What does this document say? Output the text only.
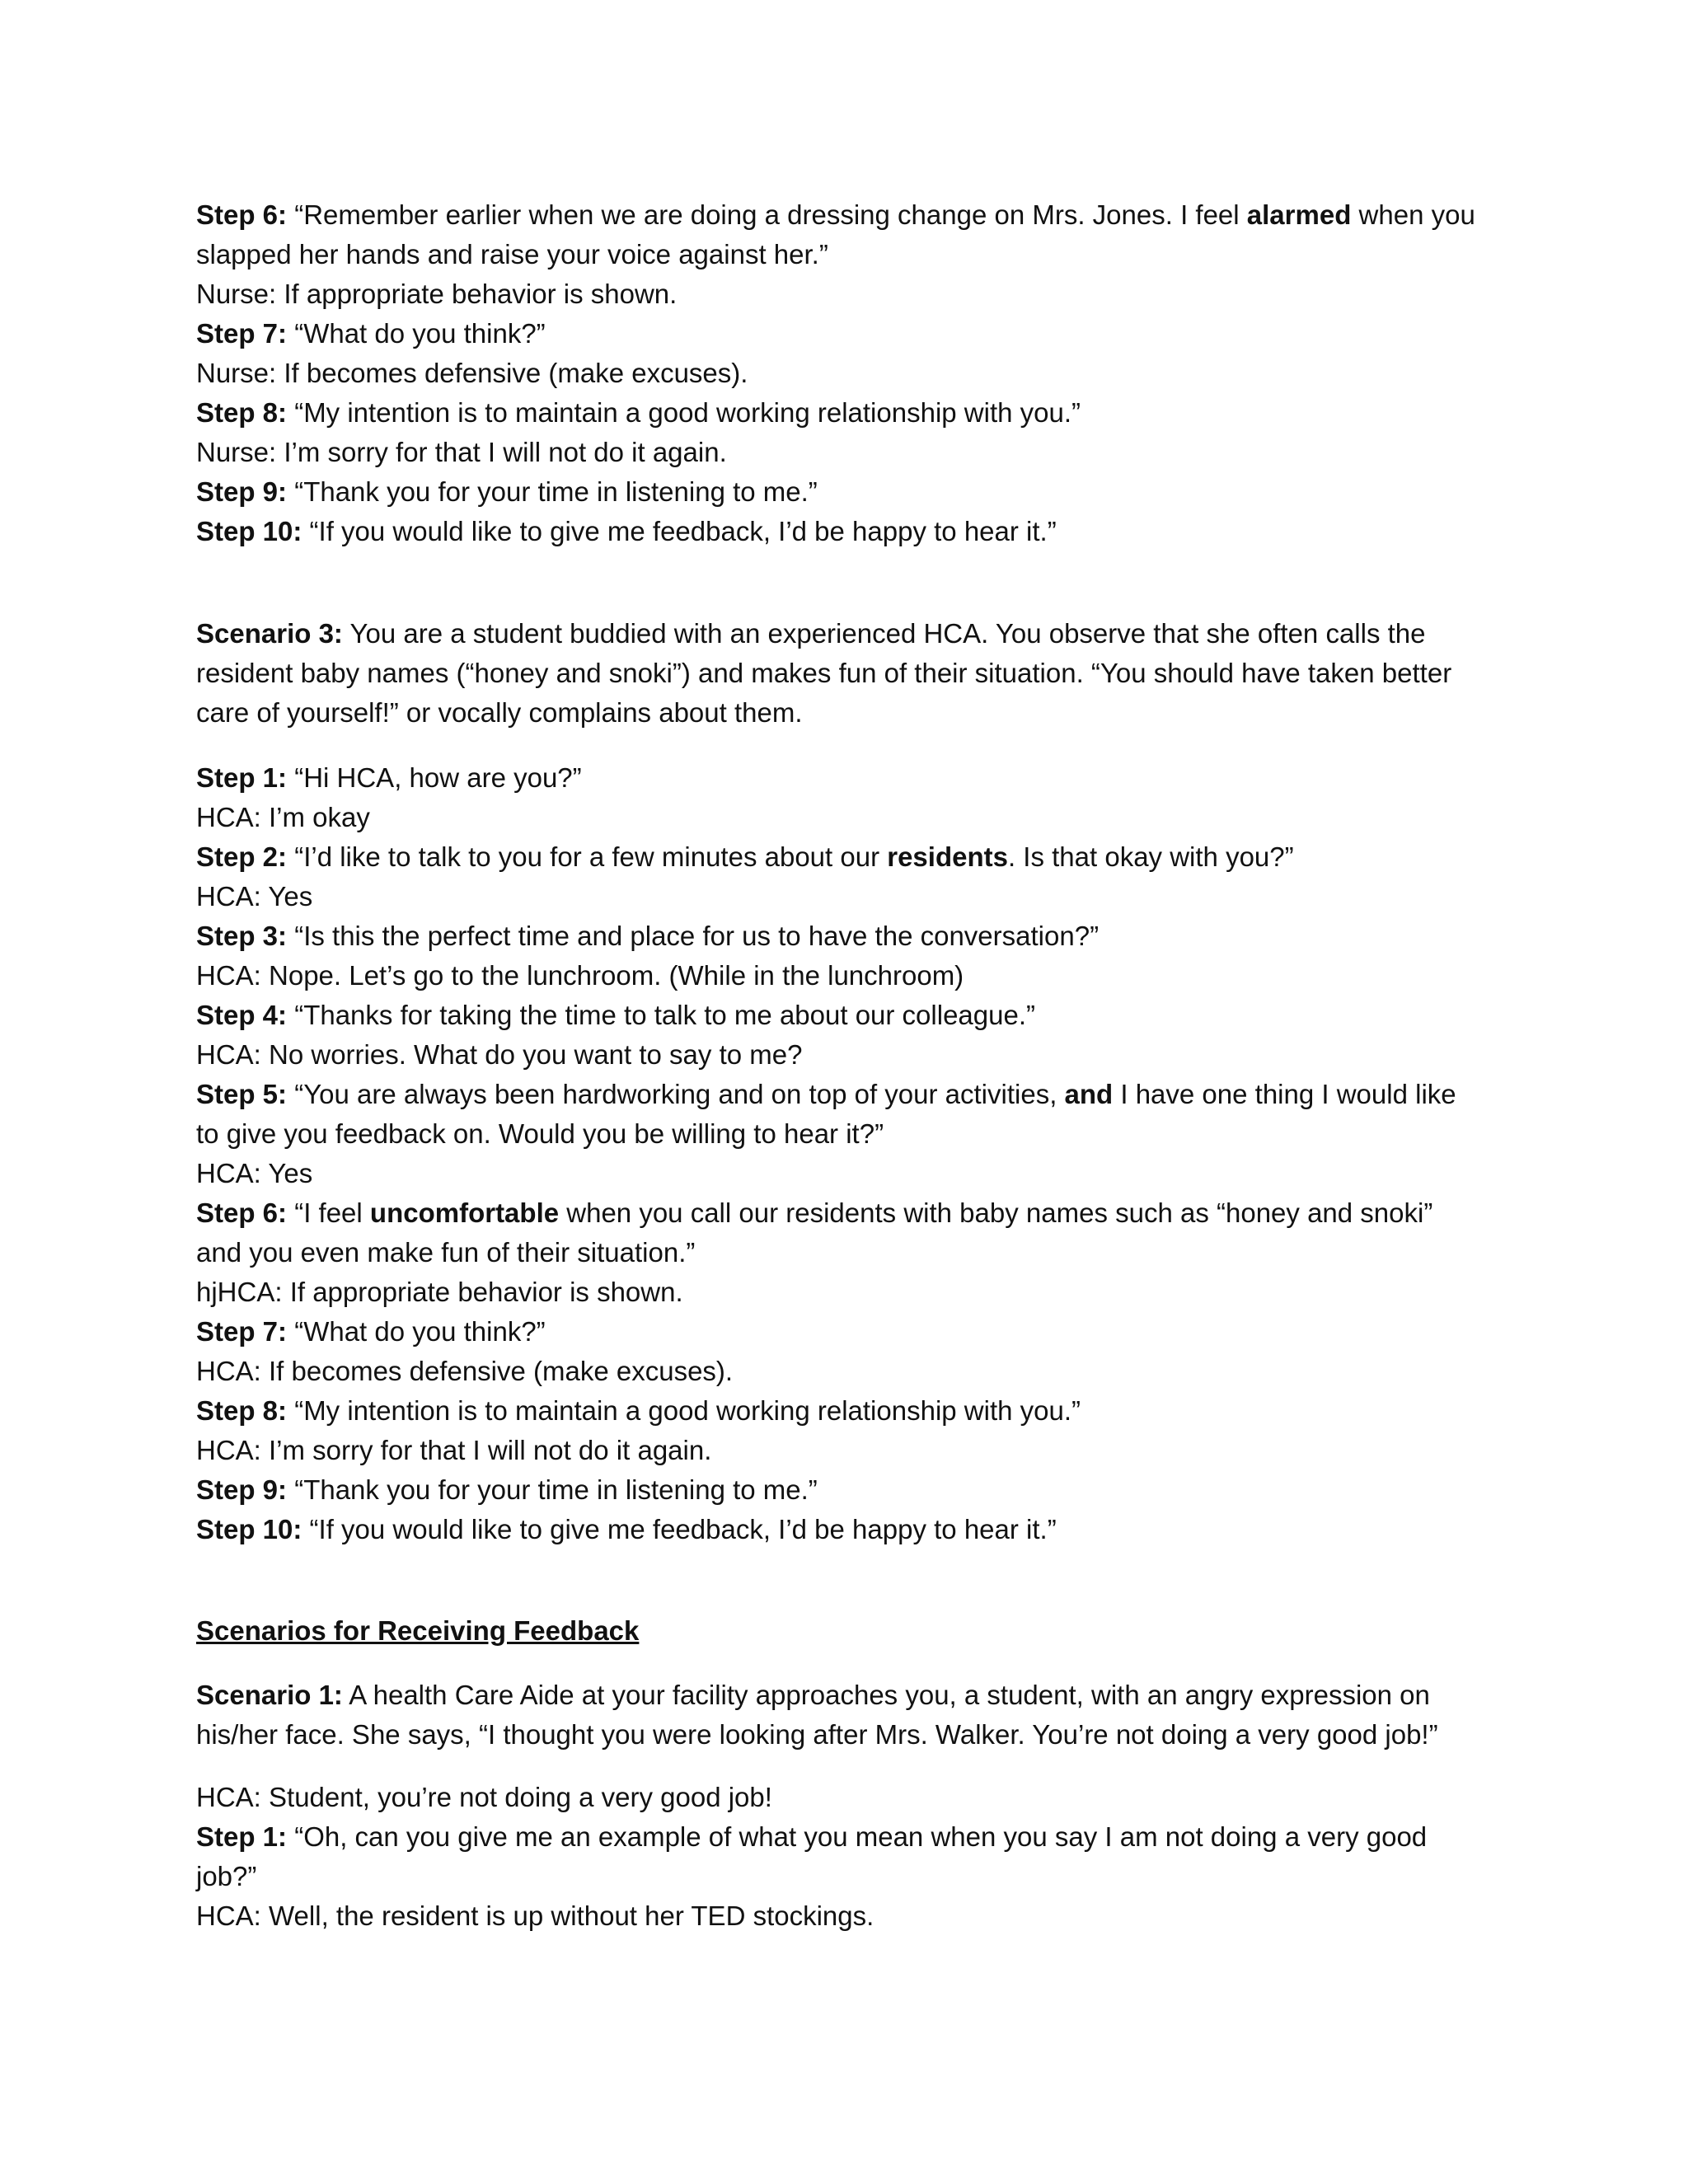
Step 6: “Remember earlier when we are doing a dressing change on Mrs. Jones. I feel alarmed when you slapped her hands and raise your voice against her.”
Nurse: If appropriate behavior is shown.
Step 7: “What do you think?”
Nurse: If becomes defensive (make excuses).
Step 8: “My intention is to maintain a good working relationship with you.”
Nurse: I’m sorry for that I will not do it again.
Step 9: “Thank you for your time in listening to me.”
Step 10: “If you would like to give me feedback, I’d be happy to hear it.”
Scenario 3: You are a student buddied with an experienced HCA. You observe that she often calls the resident baby names (“honey and snoki”) and makes fun of their situation. “You should have taken better care of yourself!” or vocally complains about them.
Step 1: “Hi HCA, how are you?”
HCA: I’m okay
Step 2: “I’d like to talk to you for a few minutes about our residents. Is that okay with you?”
HCA: Yes
Step 3: “Is this the perfect time and place for us to have the conversation?”
HCA: Nope. Let’s go to the lunchroom. (While in the lunchroom)
Step 4: “Thanks for taking the time to talk to me about our colleague.”
HCA: No worries. What do you want to say to me?
Step 5: “You are always been hardworking and on top of your activities, and I have one thing I would like to give you feedback on. Would you be willing to hear it?”
HCA: Yes
Step 6: “I feel uncomfortable when you call our residents with baby names such as “honey and snoki” and you even make fun of their situation.”
hjHCA: If appropriate behavior is shown.
Step 7: “What do you think?”
HCA: If becomes defensive (make excuses).
Step 8: “My intention is to maintain a good working relationship with you.”
HCA: I’m sorry for that I will not do it again.
Step 9: “Thank you for your time in listening to me.”
Step 10: “If you would like to give me feedback, I’d be happy to hear it.”
Scenarios for Receiving Feedback
Scenario 1: A health Care Aide at your facility approaches you, a student, with an angry expression on his/her face. She says, “I thought you were looking after Mrs. Walker. You’re not doing a very good job!”
HCA: Student, you’re not doing a very good job!
Step 1: “Oh, can you give me an example of what you mean when you say I am not doing a very good job?”
HCA: Well, the resident is up without her TED stockings.
